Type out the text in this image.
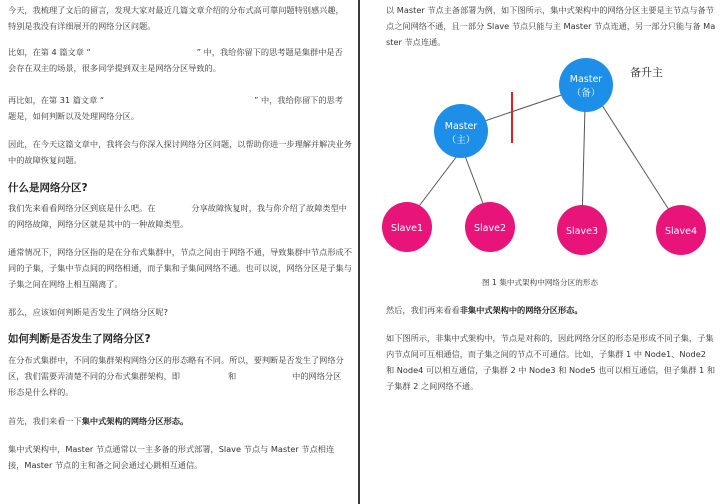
今天，我梳理了文后的留言，发现大家对最近几篇文章介绍的分布式高可靠问题特别感兴趣，特别是我没有详细展开的网络分区问题。
比如，在第 4 篇文章 “	” 中，我给你留下的思考题是集群中是否会存在双主的场景，很多同学提到双主是网络分区导致的。
再比如，在第 31 篇文章 “	” 中，我给你留下的思考题是，如何判断以及处理网络分区。
因此，在今天这篇文章中，我将会与你深入探讨网络分区问题，以帮助你进一步理解并解决业务中的故障恢复问题。
什么是网络分区?
我们先来看看网络分区到底是什么吧。在	分享故障恢复时，我与你介绍了故障类型中的网络故障，网络分区就是其中的一种故障类型。
通常情况下，网络分区指的是在分布式集群中，节点之间由于网络不通，导致集群中节点形成不同的子集，子集中节点间的网络相通，而子集和子集间网络不通。也可以说，网络分区是子集与子集之间在网络上相互隔离了。
那么，应该如何判断是否发生了网络分区呢?
如何判断是否发生了网络分区?
在分布式集群中，不同的集群架构网络分区的形态略有不同。所以，要判断是否发生了网络分区，我们需要弄清楚不同的分布式集群架构，即	和	中的网络分区形态是什么样的。
首先，我们来看一下集中式架构的网络分区形态。
集中式架构中，Master 节点通常以一主多备的形式部署，Slave 节点与 Master 节点相连接，Master 节点的主和备之间会通过心跳相互通信。
以 Master 节点主备部署为例，如下图所示，集中式架构中的网络分区主要是主节点与备节点之间网络不通，且一部分 Slave 节点只能与主 Master 节点连通，另一部分只能与备 Master 节点连通。
Master
（主）
Master
（备）
备升主
Slave1	Slave2	Slave3	Slave4
图 1 集中式架构中网络分区的形态
然后，我们再来看看非集中式架构中的网络分区形态。
如下图所示，非集中式架构中，节点是对称的，因此网络分区的形态是形成不同子集，子集内节点间可互相通信，而子集之间的节点不可通信。比如，子集群 1 中 Node1、Node2 和 Node4 可以相互通信，子集群 2 中 Node3 和 Node5 也可以相互通信，但子集群 1 和子集群 2 之间网络不通。
